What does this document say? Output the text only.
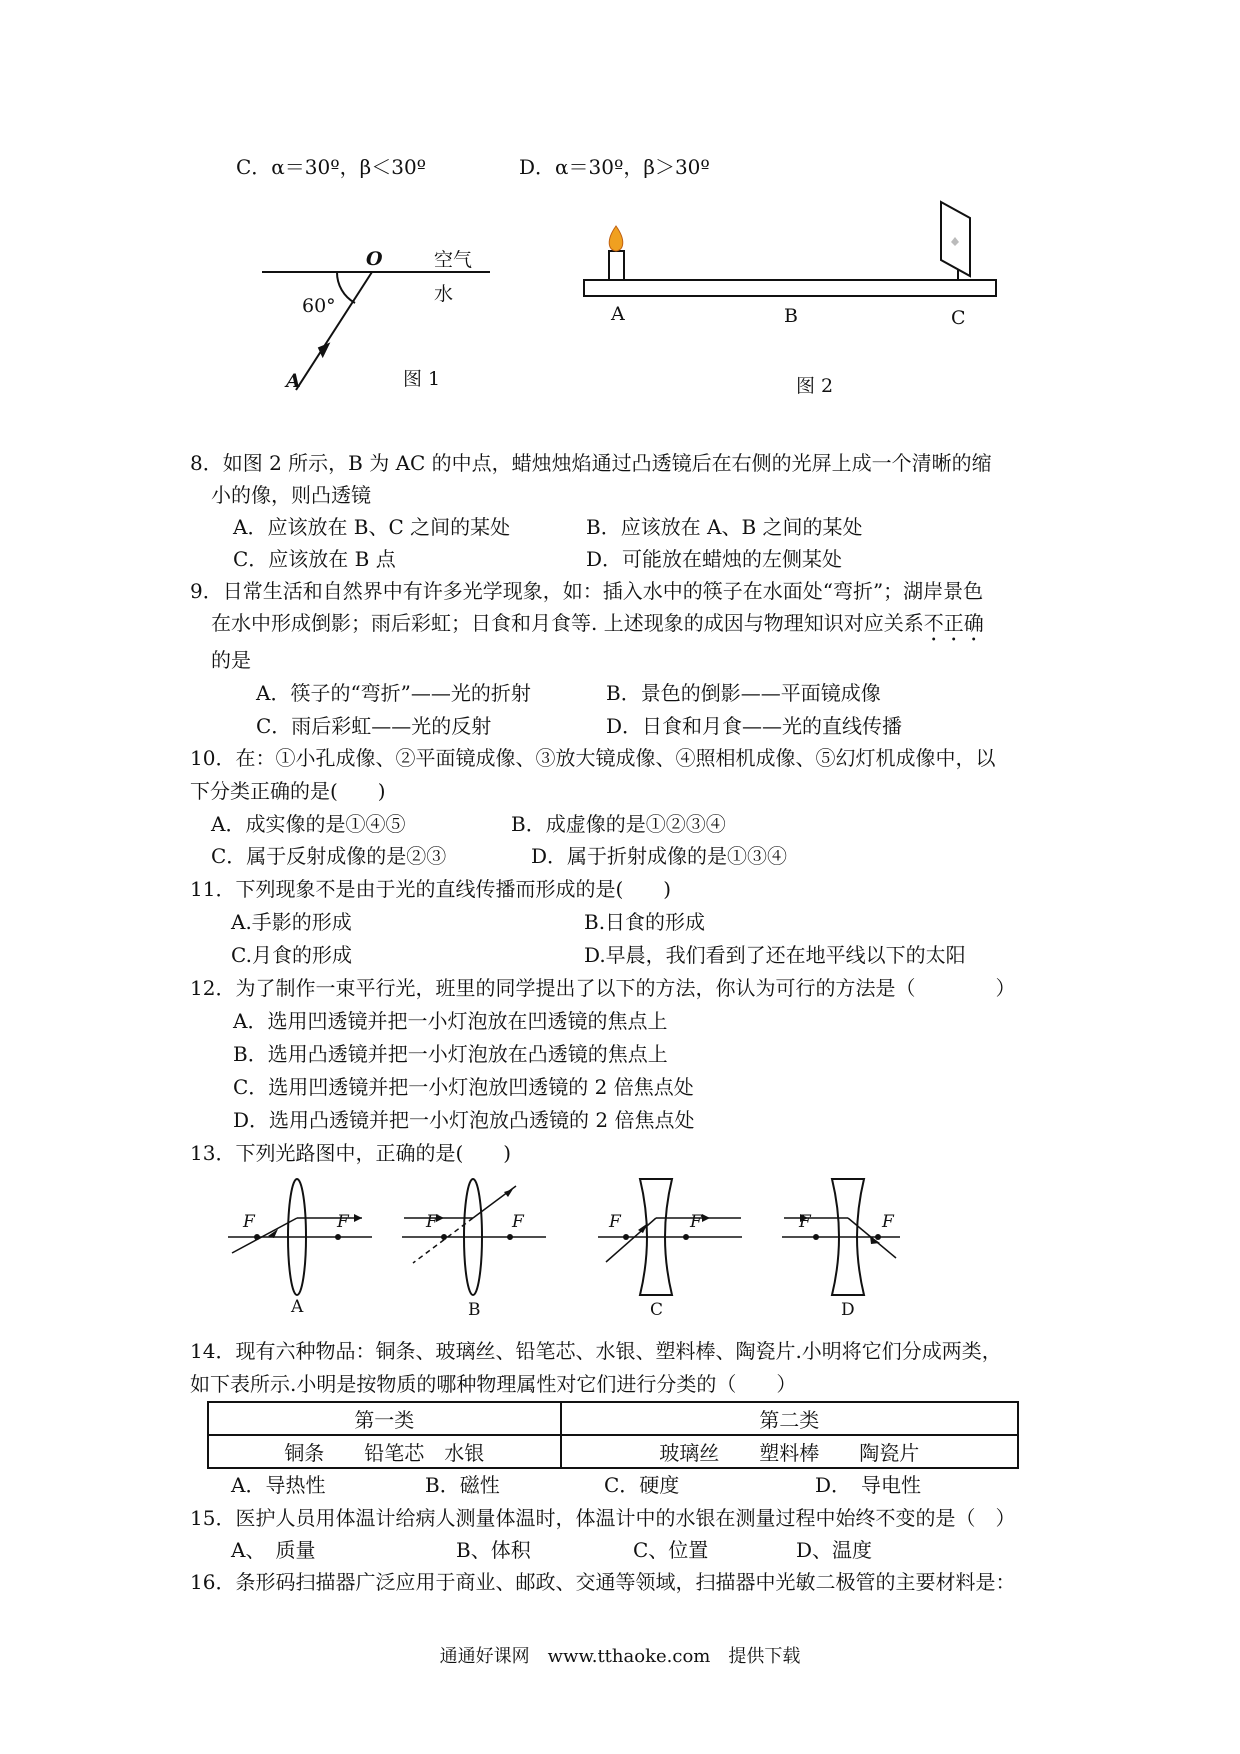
C．α＝30º，β＜30º	D．α＝30º，β＞30º
O	空气
水
60°
A	图 1
A	B	C
图 2
8．如图 2 所示，B 为 AC 的中点，蜡烛烛焰通过凸透镜后在右侧的光屏上成一个清晰的缩
小的像，则凸透镜
A．应该放在 B、C 之间的某处	B．应该放在 A、B 之间的某处
C．应该放在 B 点	D．可能放在蜡烛的左侧某处
9．日常生活和自然界中有许多光学现象，如：插入水中的筷子在水面处“弯折”；湖岸景色
在水中形成倒影；雨后彩虹；日食和月食等. 上述现象的成因与物理知识对应关系不正确
的是
A．筷子的“弯折”——光的折射	B．景色的倒影——平面镜成像
C．雨后彩虹——光的反射	D．日食和月食——光的直线传播
10．在：①小孔成像、②平面镜成像、③放大镜成像、④照相机成像、⑤幻灯机成像中，以
下分类正确的是(　　)
A．成实像的是①④⑤	B．成虚像的是①②③④
C．属于反射成像的是②③	D．属于折射成像的是①③④
11．下列现象不是由于光的直线传播而形成的是(　　)
A.手影的形成	B.日食的形成
C.月食的形成	D.早晨，我们看到了还在地平线以下的太阳
12．为了制作一束平行光，班里的同学提出了以下的方法，你认为可行的方法是（　　　　）
A．选用凹透镜并把一小灯泡放在凹透镜的焦点上
B．选用凸透镜并把一小灯泡放在凸透镜的焦点上
C．选用凹透镜并把一小灯泡放凹透镜的 2 倍焦点处
D．选用凸透镜并把一小灯泡放凸透镜的 2 倍焦点处
13．下列光路图中，正确的是(　　)
F	F	F	F	F	F	F	F
A	B	C	D
14．现有六种物品：铜条、玻璃丝、铅笔芯、水银、塑料棒、陶瓷片.小明将它们分成两类，
如下表所示.小明是按物质的哪种物理属性对它们进行分类的（　　）
第一类	第二类
铜条　　铅笔芯　水银	玻璃丝　　塑料棒　　陶瓷片
A．导热性	B．磁性	C．硬度	D．　导电性
15．医护人员用体温计给病人测量体温时，体温计中的水银在测量过程中始终不变的是（　）
A、　质量	B、体积	C、位置	D、温度
16．条形码扫描器广泛应用于商业、邮政、交通等领域，扫描器中光敏二极管的主要材料是：
通通好课网　www.tthaoke.com　提供下载
